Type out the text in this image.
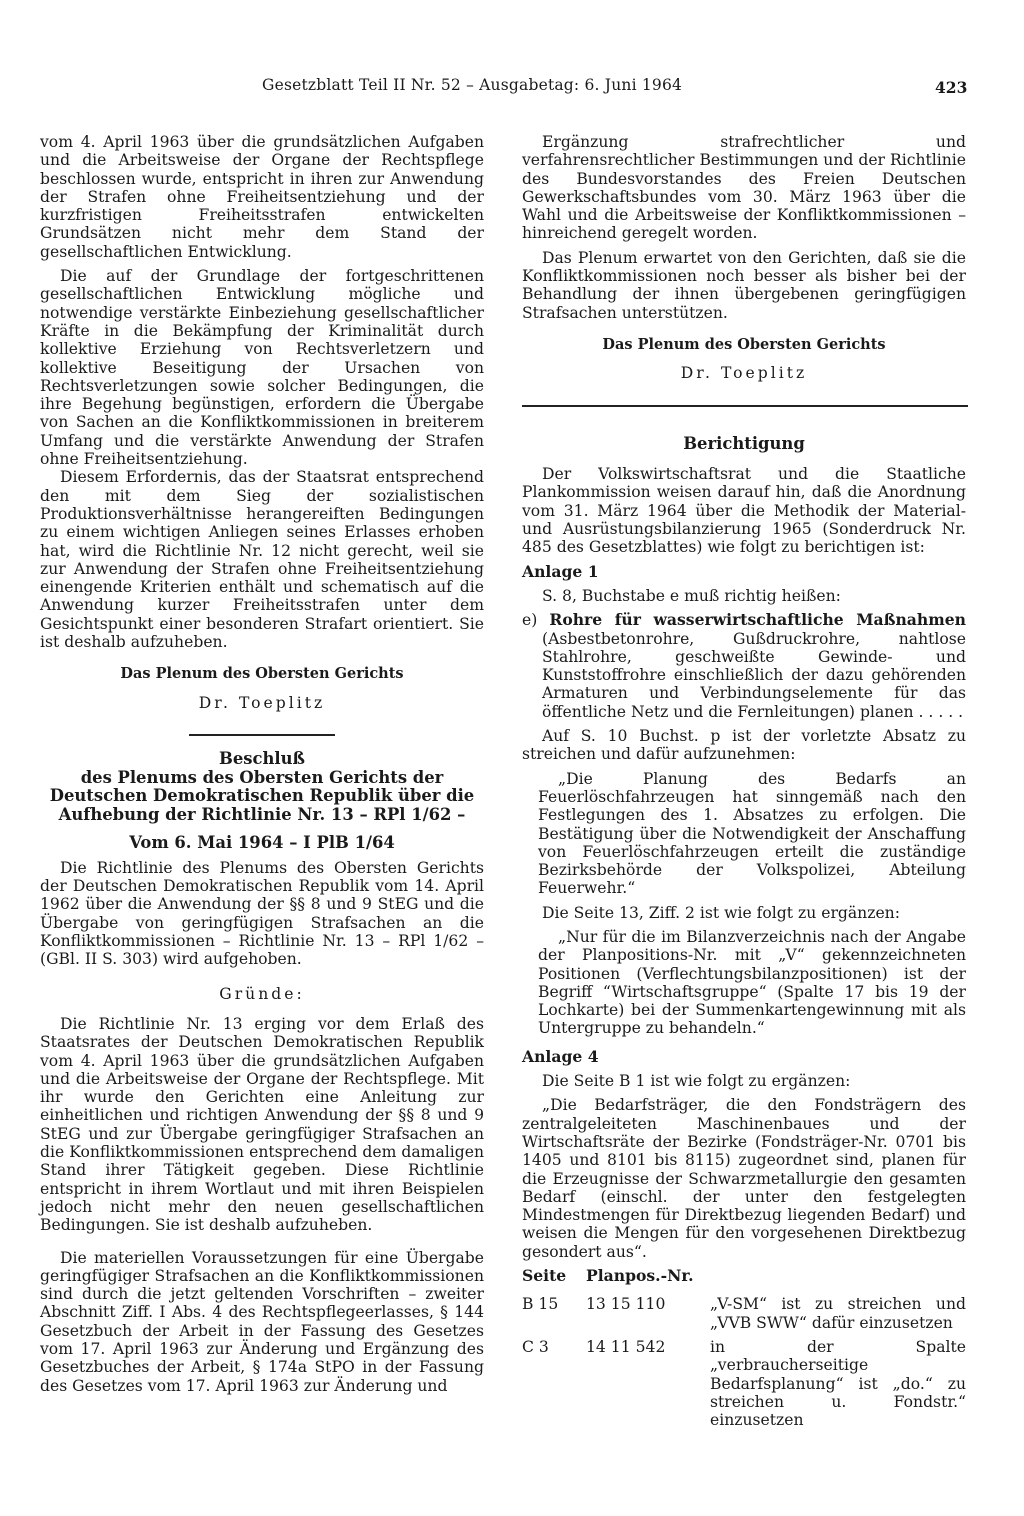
Gesetzblatt Teil II Nr. 52 – Ausgabetag: 6. Juni 1964	423

vom 4. April 1963 über die grundsätzlichen Aufgaben und die Arbeitsweise der Organe der Rechtspflege beschlossen wurde, entspricht in ihren zur Anwendung der Strafen ohne Freiheitsentziehung und der kurzfristigen Freiheitsstrafen entwickelten Grundsätzen nicht mehr dem Stand der gesellschaftlichen Entwicklung.

Die auf der Grundlage der fortgeschrittenen gesellschaftlichen Entwicklung mögliche und notwendige verstärkte Einbeziehung gesellschaftlicher Kräfte in die Bekämpfung der Kriminalität durch kollektive Erziehung von Rechtsverletzern und kollektive Beseitigung der Ursachen von Rechtsverletzungen sowie solcher Bedingungen, die ihre Begehung begünstigen, erfordern die Übergabe von Sachen an die Konfliktkommissionen in breiterem Umfang und die verstärkte Anwendung der Strafen ohne Freiheitsentziehung.

Diesem Erfordernis, das der Staatsrat entsprechend den mit dem Sieg der sozialistischen Produktionsverhältnisse herangereiften Bedingungen zu einem wichtigen Anliegen seines Erlasses erhoben hat, wird die Richtlinie Nr. 12 nicht gerecht, weil sie zur Anwendung der Strafen ohne Freiheitsentziehung einengende Kriterien enthält und schematisch auf die Anwendung kurzer Freiheitsstrafen unter dem Gesichtspunkt einer besonderen Strafart orientiert. Sie ist deshalb aufzuheben.

Das Plenum des Obersten Gerichts

Dr. Toeplitz

Beschluß

des Plenums des Obersten Gerichts der Deutschen Demokratischen Republik über die Aufhebung der Richtlinie Nr. 13 – RPl 1/62 –

Vom 6. Mai 1964 – I PlB 1/64

Die Richtlinie des Plenums des Obersten Gerichts der Deutschen Demokratischen Republik vom 14. April 1962 über die Anwendung der §§ 8 und 9 StEG und die Übergabe von geringfügigen Strafsachen an die Konfliktkommissionen – Richtlinie Nr. 13 – RPl 1/62 – (GBl. II S. 303) wird aufgehoben.

Gründe:

Die Richtlinie Nr. 13 erging vor dem Erlaß des Staatsrates der Deutschen Demokratischen Republik vom 4. April 1963 über die grundsätzlichen Aufgaben und die Arbeitsweise der Organe der Rechtspflege. Mit ihr wurde den Gerichten eine Anleitung zur einheitlichen und richtigen Anwendung der §§ 8 und 9 StEG und zur Übergabe geringfügiger Strafsachen an die Konfliktkommissionen entsprechend dem damaligen Stand ihrer Tätigkeit gegeben. Diese Richtlinie entspricht in ihrem Wortlaut und mit ihren Beispielen jedoch nicht mehr den neuen gesellschaftlichen Bedingungen. Sie ist deshalb aufzuheben.

Die materiellen Voraussetzungen für eine Übergabe geringfügiger Strafsachen an die Konfliktkommissionen sind durch die jetzt geltenden Vorschriften – zweiter Abschnitt Ziff. I Abs. 4 des Rechtspflegeerlasses, § 144 Gesetzbuch der Arbeit in der Fassung des Gesetzes vom 17. April 1963 zur Änderung und Ergänzung des Gesetzbuches der Arbeit, § 174a StPO in der Fassung des Gesetzes vom 17. April 1963 zur Änderung und

Ergänzung strafrechtlicher und verfahrensrechtlicher Bestimmungen und der Richtlinie des Bundesvorstandes des Freien Deutschen Gewerkschaftsbundes vom 30. März 1963 über die Wahl und die Arbeitsweise der Konfliktkommissionen – hinreichend geregelt worden.

Das Plenum erwartet von den Gerichten, daß sie die Konfliktkommissionen noch besser als bisher bei der Behandlung der ihnen übergebenen geringfügigen Strafsachen unterstützen.

Das Plenum des Obersten Gerichts

Dr. Toeplitz

Berichtigung

Der Volkswirtschaftsrat und die Staatliche Plankommission weisen darauf hin, daß die Anordnung vom 31. März 1964 über die Methodik der Material- und Ausrüstungsbilanzierung 1965 (Sonderdruck Nr. 485 des Gesetzblattes) wie folgt zu berichtigen ist:

Anlage 1

S. 8, Buchstabe e muß richtig heißen:

e) Rohre für wasserwirtschaftliche Maßnahmen (Asbestbetonrohre, Gußdruckrohre, nahtlose Stahlrohre, geschweißte Gewinde- und Kunststoffrohre einschließlich der dazu gehörenden Armaturen und Verbindungselemente für das öffentliche Netz und die Fernleitungen) planen . . . . .

Auf S. 10 Buchst. p ist der vorletzte Absatz zu streichen und dafür aufzunehmen:

„Die Planung des Bedarfs an Feuerlöschfahrzeugen hat sinngemäß nach den Festlegungen des 1. Absatzes zu erfolgen. Die Bestätigung über die Notwendigkeit der Anschaffung von Feuerlöschfahrzeugen erteilt die zuständige Bezirksbehörde der Volkspolizei, Abteilung Feuerwehr.“

Die Seite 13, Ziff. 2 ist wie folgt zu ergänzen:

„Nur für die im Bilanzverzeichnis nach der Angabe der Planpositions-Nr. mit „V“ gekennzeichneten Positionen (Verflechtungsbilanzpositionen) ist der Begriff “Wirtschaftsgruppe“ (Spalte 17 bis 19 der Lochkarte) bei der Summenkartengewinnung mit als Untergruppe zu behandeln.“

Anlage 4

Die Seite B 1 ist wie folgt zu ergänzen:

„Die Bedarfsträger, die den Fondsträgern des zentralgeleiteten Maschinenbaues und der Wirtschaftsräte der Bezirke (Fondsträger-Nr. 0701 bis 1405 und 8101 bis 8115) zugeordnet sind, planen für die Erzeugnisse der Schwarzmetallurgie den gesamten Bedarf (einschl. der unter den festgelegten Mindestmengen für Direktbezug liegenden Bedarf) und weisen die Mengen für den vorgesehenen Direktbezug gesondert aus“.

Seite	Planpos.-Nr.	
B 15	13 15 110	„V-SM“ ist zu streichen und „VVB SWW“ dafür einzusetzen
C 3	14 11 542	in der Spalte „verbraucherseitige Bedarfsplanung“ ist „do.“ zu streichen u. Fondstr.“ einzusetzen
